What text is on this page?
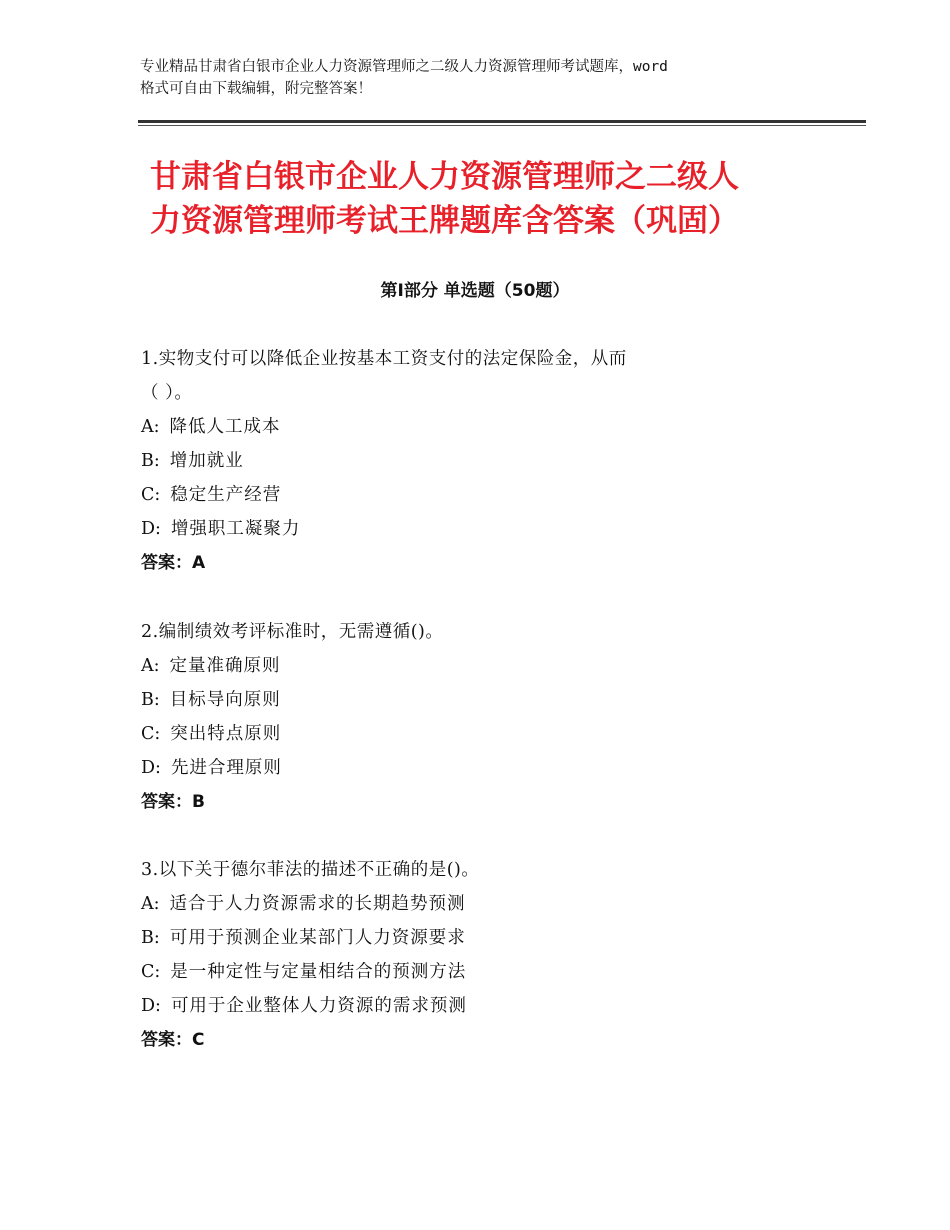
专业精品甘肃省白银市企业人力资源管理师之二级人力资源管理师考试题库，word
格式可自由下载编辑，附完整答案！
甘肃省白银市企业人力资源管理师之二级人
力资源管理师考试王牌题库含答案（巩固）
第Ⅰ部分 单选题（50题）
1.实物支付可以降低企业按基本工资支付的法定保险金，从而
（ ）。
A: 降低人工成本
B: 增加就业
C: 稳定生产经营
D: 增强职工凝聚力
答案：A
2.编制绩效考评标准时，无需遵循()。
A: 定量准确原则
B: 目标导向原则
C: 突出特点原则
D: 先进合理原则
答案：B
3.以下关于德尔菲法的描述不正确的是()。
A: 适合于人力资源需求的长期趋势预测
B: 可用于预测企业某部门人力资源要求
C: 是一种定性与定量相结合的预测方法
D: 可用于企业整体人力资源的需求预测
答案：C
